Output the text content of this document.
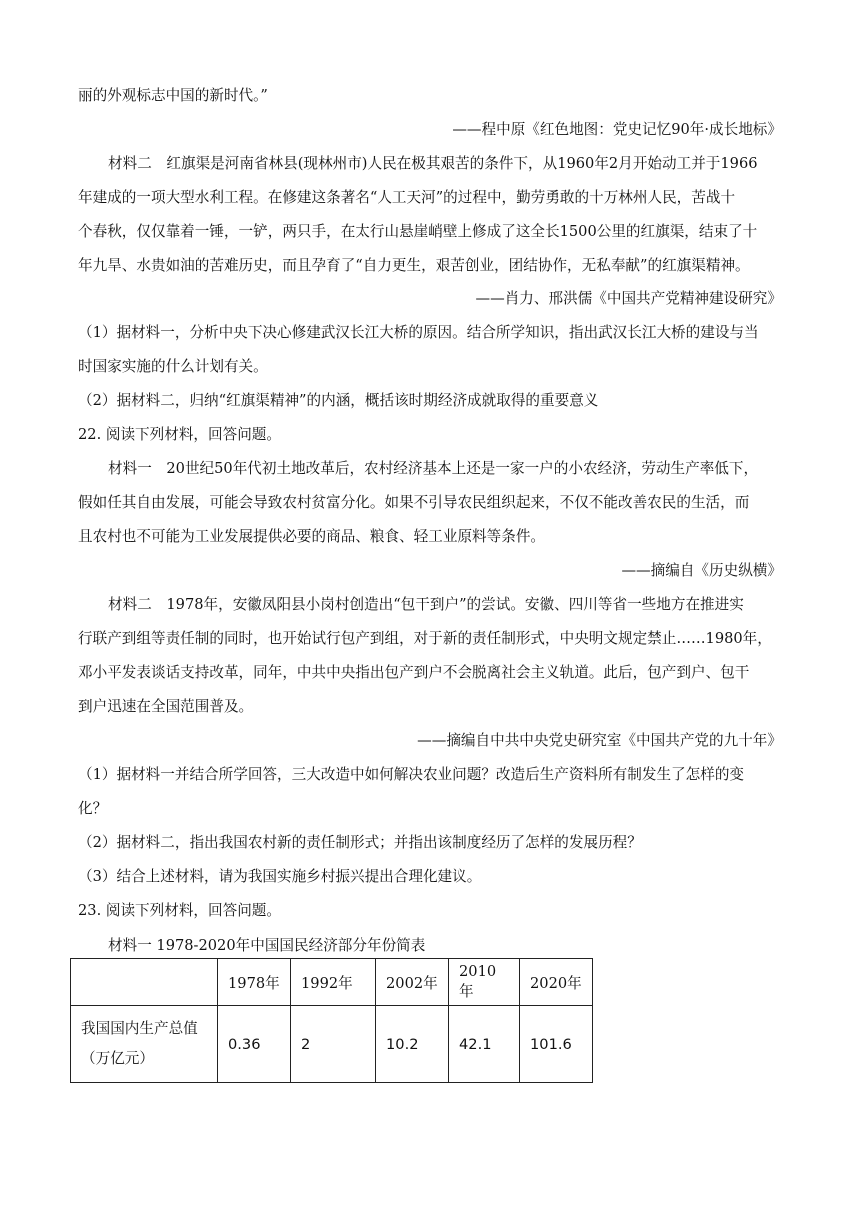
丽的外观标志中国的新时代。”
——程中原《红色地图：党史记忆90年·成长地标》
材料二　红旗渠是河南省林县(现林州市)人民在极其艰苦的条件下，从1960年2月开始动工并于1966
年建成的一项大型水利工程。在修建这条著名“人工天河”的过程中，勤劳勇敢的十万林州人民，苦战十
个春秋，仅仅靠着一锤，一铲，两只手，在太行山悬崖峭壁上修成了这全长1500公里的红旗渠，结束了十
年九旱、水贵如油的苦难历史，而且孕育了“自力更生，艰苦创业，团结协作，无私奉献”的红旗渠精神。
——肖力、邢洪儒《中国共产党精神建设研究》
（1）据材料一，分析中央下决心修建武汉长江大桥的原因。结合所学知识，指出武汉长江大桥的建设与当
时国家实施的什么计划有关。
（2）据材料二，归纳“红旗渠精神”的内涵，概括该时期经济成就取得的重要意义
22. 阅读下列材料，回答问题。
材料一　20世纪50年代初土地改革后，农村经济基本上还是一家一户的小农经济，劳动生产率低下，
假如任其自由发展，可能会导致农村贫富分化。如果不引导农民组织起来，不仅不能改善农民的生活，而
且农村也不可能为工业发展提供必要的商品、粮食、轻工业原料等条件。
——摘编自《历史纵横》
材料二　1978年，安徽凤阳县小岗村创造出“包干到户”的尝试。安徽、四川等省一些地方在推进实
行联产到组等责任制的同时，也开始试行包产到组，对于新的责任制形式，中央明文规定禁止……1980年，
邓小平发表谈话支持改革，同年，中共中央指出包产到户不会脱离社会主义轨道。此后，包产到户、包干
到户迅速在全国范围普及。
——摘编自中共中央党史研究室《中国共产党的九十年》
（1）据材料一并结合所学回答，三大改造中如何解决农业问题？改造后生产资料所有制发生了怎样的变
化？
（2）据材料二，指出我国农村新的责任制形式；并指出该制度经历了怎样的发展历程？
（3）结合上述材料，请为我国实施乡村振兴提出合理化建议。
23. 阅读下列材料，回答问题。
材料一 1978-2020年中国国民经济部分年份简表
	1978年	1992年	2002年	2010年	2020年

我国国内生产总值
（万亿元）	0.36	2	10.2	42.1	101.6
